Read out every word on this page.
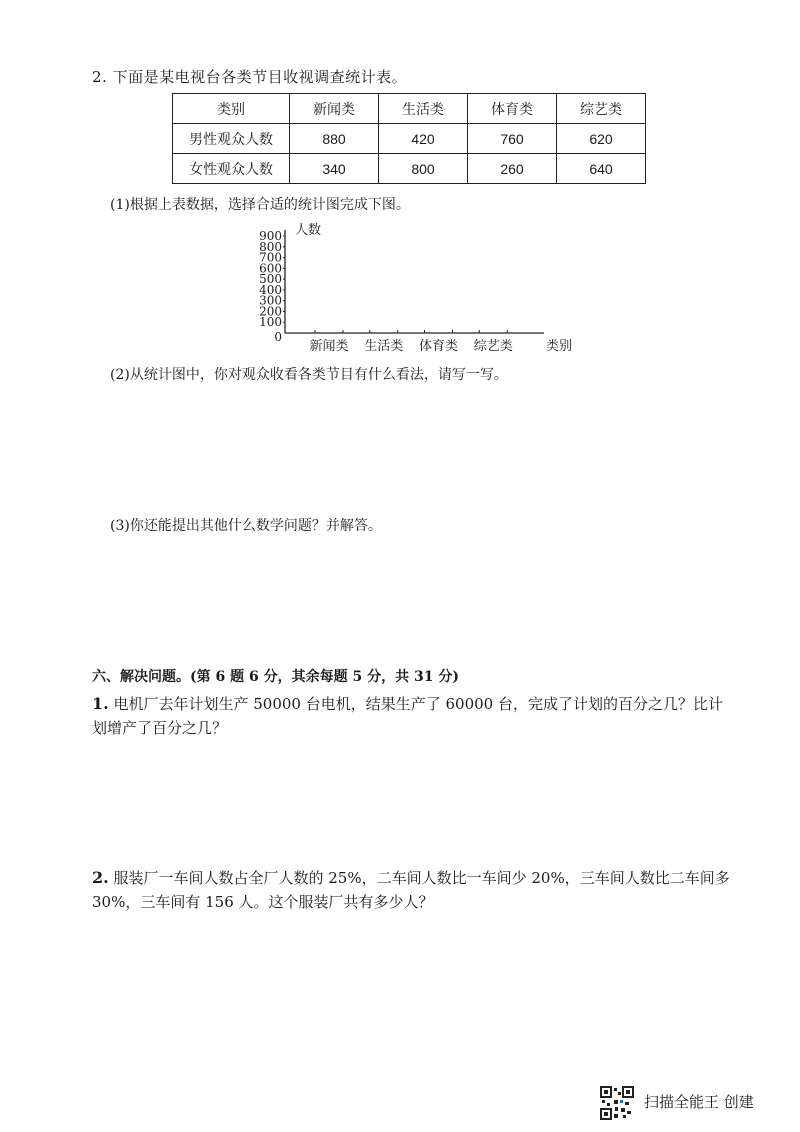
2. 下面是某电视台各类节目收视调查统计表。
类别	新闻类	生活类	体育类	综艺类
男性观众人数	880	420	760	620
女性观众人数	340	800	260	640
(1)根据上表数据，选择合适的统计图完成下图。
人数
0
100
200
300
400
500
600
700
800
900
新闻类 生活类 体育类 综艺类	类别
(2)从统计图中，你对观众收看各类节目有什么看法，请写一写。
(3)你还能提出其他什么数学问题？并解答。
六、解决问题。(第 6 题 6 分，其余每题 5 分，共 31 分)
1. 电机厂去年计划生产 50000 台电机，结果生产了 60000 台，完成了计划的百分之几？比计划增产了百分之几？
2. 服装厂一车间人数占全厂人数的 25%，二车间人数比一车间少 20%，三车间人数比二车间多 30%，三车间有 156 人。这个服装厂共有多少人？
扫描全能王 创建
